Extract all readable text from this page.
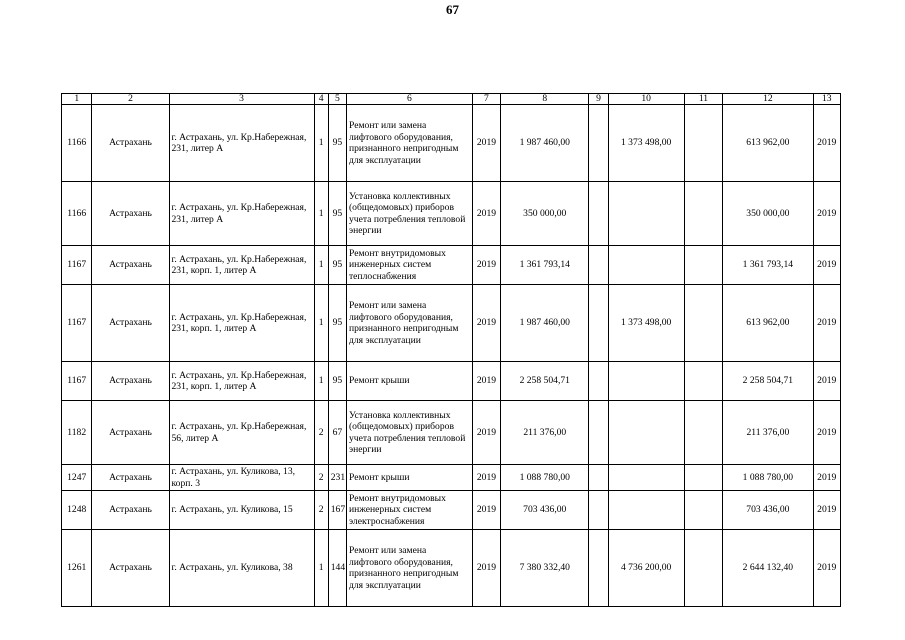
67
1	2	3	4	5	6	7	8	9	10	11	12	13
1166	Астрахань	г. Астрахань, ул. Кр.Набережная, 231, литер А	1	95	Ремонт или замена лифтового оборудования, признанного непригодным для эксплуатации	2019	1 987 460,00		1 373 498,00		613 962,00	2019
1166	Астрахань	г. Астрахань, ул. Кр.Набережная, 231, литер А	1	95	Установка коллективных (общедомовых) приборов учета потребления тепловой энергии	2019	350 000,00				350 000,00	2019
1167	Астрахань	г. Астрахань, ул. Кр.Набережная, 231, корп. 1, литер А	1	95	Ремонт внутридомовых инженерных систем теплоснабжения	2019	1 361 793,14				1 361 793,14	2019
1167	Астрахань	г. Астрахань, ул. Кр.Набережная, 231, корп. 1, литер А	1	95	Ремонт или замена лифтового оборудования, признанного непригодным для эксплуатации	2019	1 987 460,00		1 373 498,00		613 962,00	2019
1167	Астрахань	г. Астрахань, ул. Кр.Набережная, 231, корп. 1, литер А	1	95	Ремонт крыши	2019	2 258 504,71				2 258 504,71	2019
1182	Астрахань	г. Астрахань, ул. Кр.Набережная, 56, литер А	2	67	Установка коллективных (общедомовых) приборов учета потребления тепловой энергии	2019	211 376,00				211 376,00	2019
1247	Астрахань	г. Астрахань, ул. Куликова, 13, корп. 3	2	231	Ремонт крыши	2019	1 088 780,00				1 088 780,00	2019
1248	Астрахань	г. Астрахань, ул. Куликова, 15	2	167	Ремонт внутридомовых инженерных систем электроснабжения	2019	703 436,00				703 436,00	2019
1261	Астрахань	г. Астрахань, ул. Куликова, 38	1	144	Ремонт или замена лифтового оборудования, признанного непригодным для эксплуатации	2019	7 380 332,40		4 736 200,00		2 644 132,40	2019
